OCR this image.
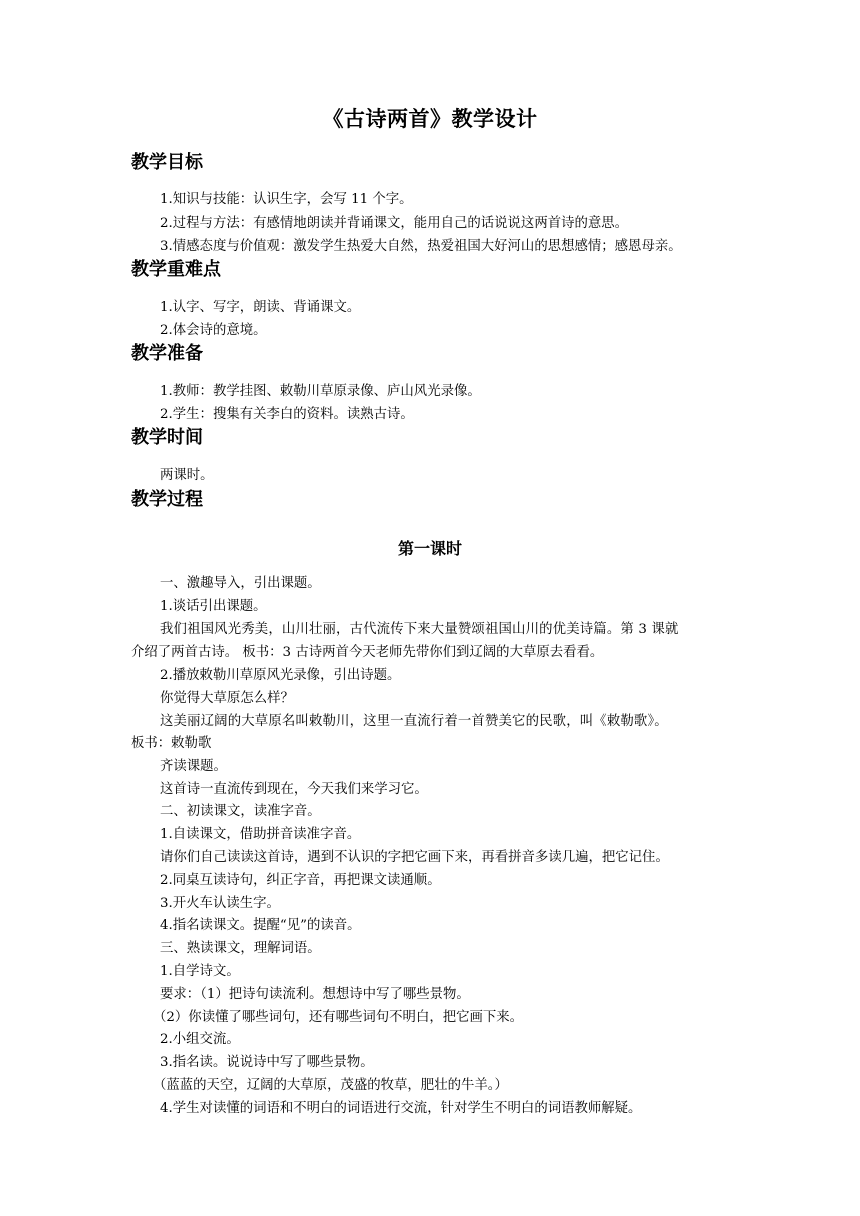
《古诗两首》教学设计
教学目标
1.知识与技能：认识生字，会写 11 个字。
2.过程与方法：有感情地朗读并背诵课文，能用自己的话说说这两首诗的意思。
3.情感态度与价值观：激发学生热爱大自然，热爱祖国大好河山的思想感情；感恩母亲。
教学重难点
1.认字、写字，朗读、背诵课文。
2.体会诗的意境。
教学准备
1.教师：教学挂图、敕勒川草原录像、庐山风光录像。
2.学生：搜集有关李白的资料。读熟古诗。
教学时间
两课时。
教学过程
第一课时
一、激趣导入，引出课题。
1.谈话引出课题。
我们祖国风光秀美，山川壮丽，古代流传下来大量赞颂祖国山川的优美诗篇。第 3 课就
介绍了两首古诗。 板书：3 古诗两首今天老师先带你们到辽阔的大草原去看看。
2.播放敕勒川草原风光录像，引出诗题。
你觉得大草原怎么样？
这美丽辽阔的大草原名叫敕勒川，这里一直流行着一首赞美它的民歌，叫《敕勒歌》。
板书：敕勒歌
齐读课题。
这首诗一直流传到现在，今天我们来学习它。
二、初读课文，读准字音。
1.自读课文，借助拼音读准字音。
请你们自己读读这首诗，遇到不认识的字把它画下来，再看拼音多读几遍，把它记住。
2.同桌互读诗句，纠正字音，再把课文读通顺。
3.开火车认读生字。
4.指名读课文。提醒“见”的读音。
三、熟读课文，理解词语。
1.自学诗文。
要求：（1）把诗句读流利。想想诗中写了哪些景物。
（2）你读懂了哪些词句，还有哪些词句不明白，把它画下来。
2.小组交流。
3.指名读。说说诗中写了哪些景物。
（蓝蓝的天空，辽阔的大草原，茂盛的牧草，肥壮的牛羊。）
4.学生对读懂的词语和不明白的词语进行交流，针对学生不明白的词语教师解疑。
